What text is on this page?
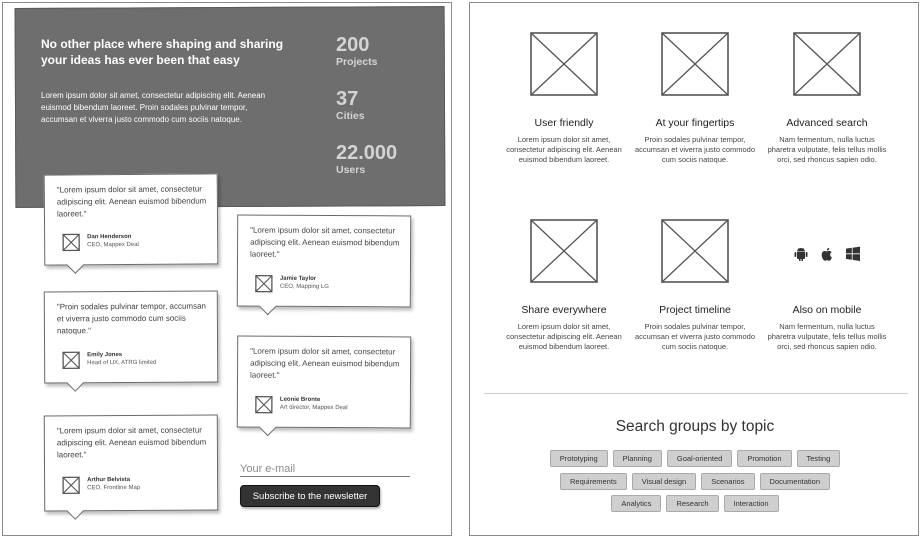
No other place where shaping and sharing your ideas has ever been that easy
Lorem ipsum dolor sit amet, consectetur adipiscing elit. Aenean euismod bibendum laoreet. Proin sodales pulvinar tempor, accumsan et viverra justo commodo cum sociis natoque.
200
Projects
37
Cities
22.000
Users
"Lorem ipsum dolor sit amet, consectetur adipiscing elit. Aenean euismod bibendum laoreet."
Dan Henderson
CEO, Mappex Deal
"Lorem ipsum dolor sit amet, consectetur adipiscing elit. Aenean euismod bibendum laoreet."
Jamie Taylor
CEO, Mapping LG
"Proin sodales pulvinar tempor, accumsan et viverra justo commodo cum sociis natoque."
Emily Jones
Head of UX, ATRG limited
"Lorem ipsum dolor sit amet, consectetur adipiscing elit. Aenean euismod bibendum laoreet."
Leonie Bronte
Art director, Mappex Deal
"Lorem ipsum dolor sit amet, consectetur adipiscing elit. Aenean euismod bibendum laoreet."
Arthur Belvista
CEO, Frontline Map
Your e-mail
Subscribe to the newsletter
User friendly
Lorem ipsum dolor sit amet, consectetur adipiscing elit. Aenean euismod bibendum laoreet.
At your fingertips
Proin sodales pulvinar tempor, accumsan et viverra justo commodo cum sociis natoque.
Advanced search
Nam fermentum, nulla luctus pharetra vulputate, felis tellus mollis orci, sed rhoncus sapien odio.
Share everywhere
Lorem ipsum dolor sit amet, consectetur adipiscing elit. Aenean euismod bibendum laoreet.
Project timeline
Proin sodales pulvinar tempor, accumsan et viverra justo commodo cum sociis natoque.
Also on mobile
Nam fermentum, nulla luctus pharetra vulputate, felis tellus mollis orci, sed rhoncus sapien odio.
Search groups by topic
Prototyping	Planning	Goal-oriented	Promotion	Testing
Requirements	Visual design	Scenarios	Documentation
Analytics	Research	Interaction
